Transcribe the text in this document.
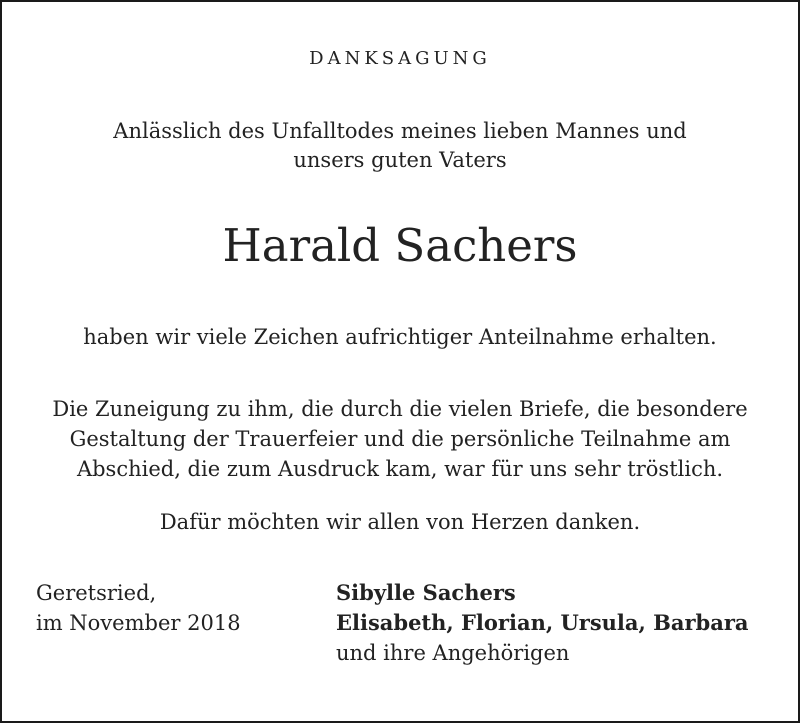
DANKSAGUNG
Anlässlich des Unfalltodes meines lieben Mannes und
unsers guten Vaters
Harald Sachers
haben wir viele Zeichen aufrichtiger Anteilnahme erhalten.
Die Zuneigung zu ihm, die durch die vielen Briefe, die besondere
Gestaltung der Trauerfeier und die persönliche Teilnahme am
Abschied, die zum Ausdruck kam, war für uns sehr tröstlich.
Dafür möchten wir allen von Herzen danken.
Geretsried,
im November 2018
Sibylle Sachers
Elisabeth, Florian, Ursula, Barbara
und ihre Angehörigen
